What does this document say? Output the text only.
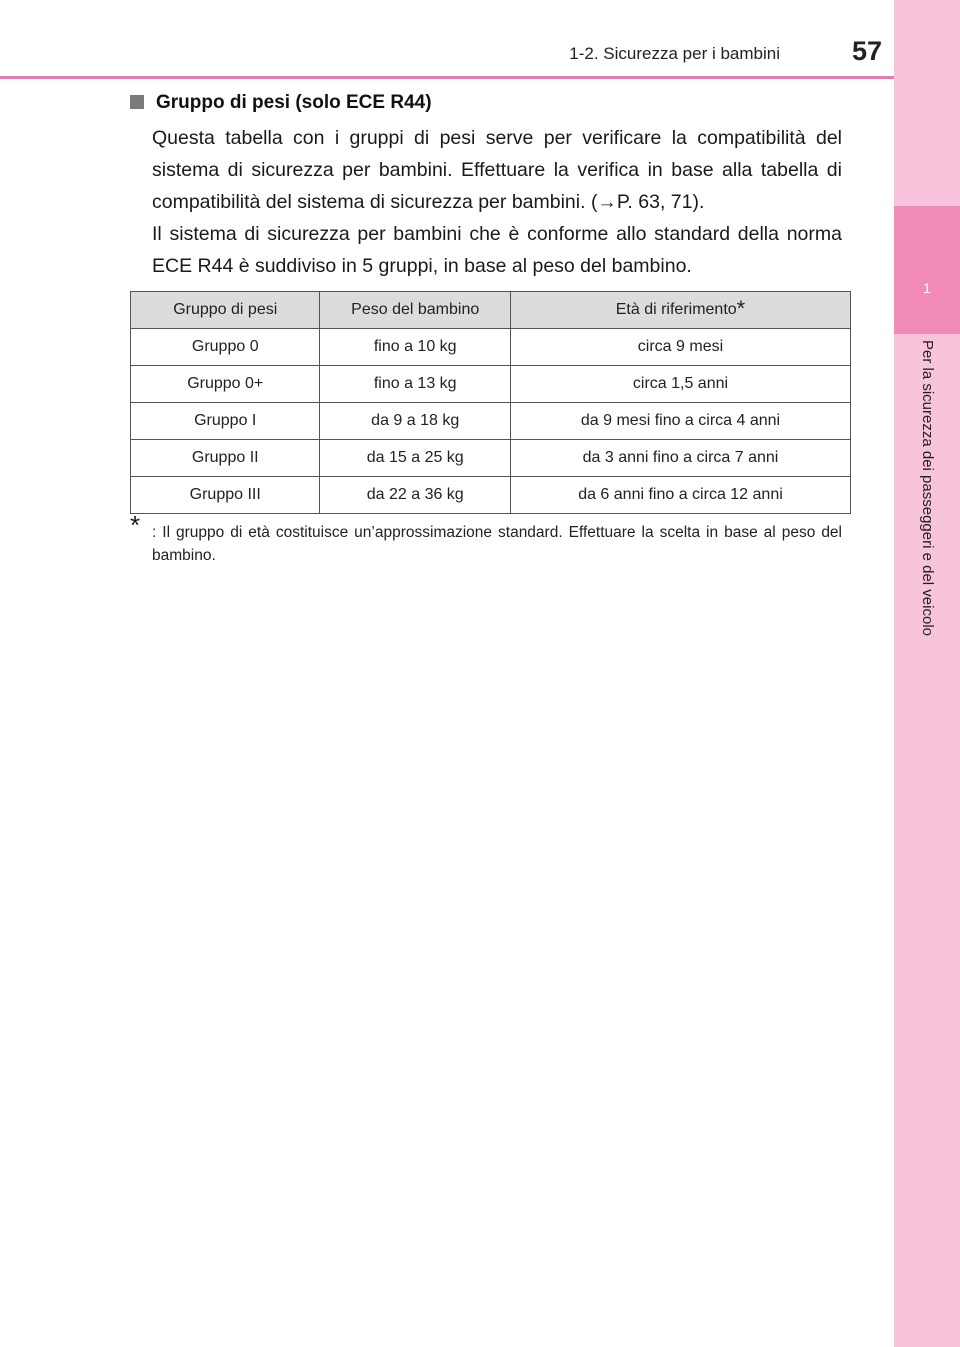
1-2. Sicurezza per i bambini	57
1
Per la sicurezza dei passeggeri e del veicolo
Gruppo di pesi (solo ECE R44)
Questa tabella con i gruppi di pesi serve per verificare la compatibilità del sistema di sicurezza per bambini. Effettuare la verifica in base alla tabella di compatibilità del sistema di sicurezza per bambini. (→P. 63, 71).
Il sistema di sicurezza per bambini che è conforme allo standard della norma ECE R44 è suddiviso in 5 gruppi, in base al peso del bambino.
Gruppo di pesi	Peso del bambino	Età di riferimento*
Gruppo 0	fino a 10 kg	circa 9 mesi
Gruppo 0+	fino a 13 kg	circa 1,5 anni
Gruppo I	da 9 a 18 kg	da 9 mesi fino a circa 4 anni
Gruppo II	da 15 a 25 kg	da 3 anni fino a circa 7 anni
Gruppo III	da 22 a 36 kg	da 6 anni fino a circa 12 anni
* : Il gruppo di età costituisce un’approssimazione standard. Effettuare la scelta in base al peso del bambino.
